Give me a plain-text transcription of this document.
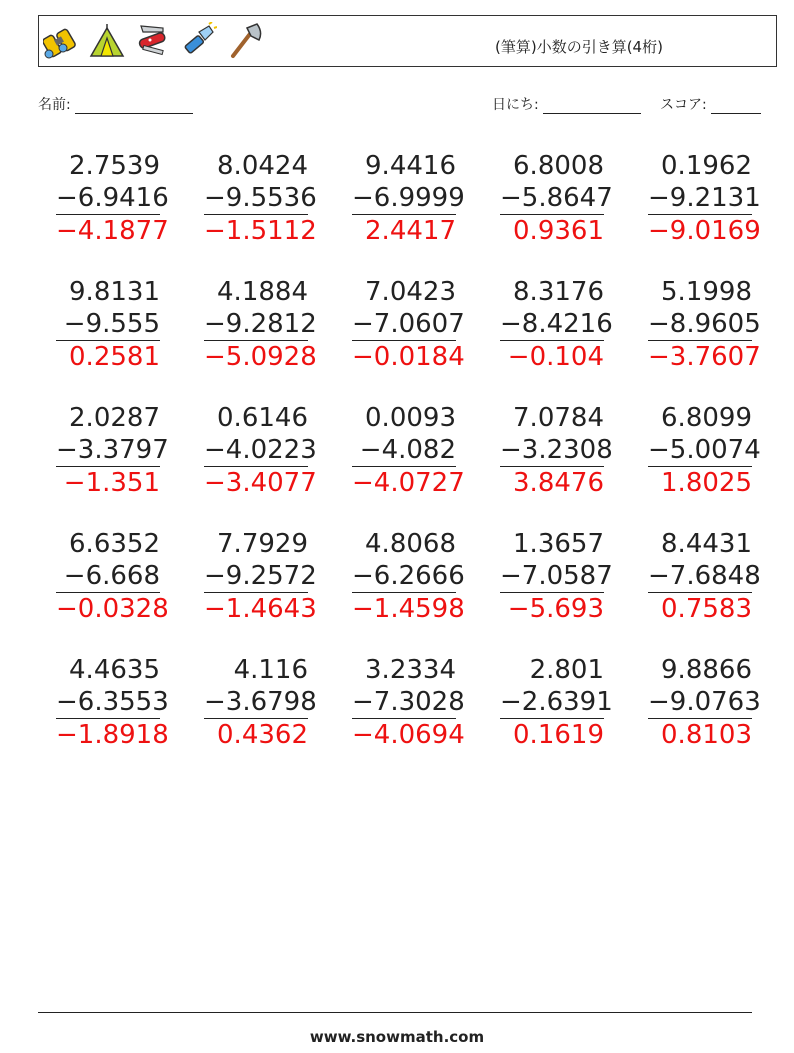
(筆算)小数の引き算(4桁)
名前:	日にち:	スコア:
2.7539
−6.9416
−4.1877
8.0424
−9.5536
−1.5112
9.4416
−6.9999
2.4417
6.8008
−5.8647
0.9361
0.1962
−9.2131
−9.0169
9.8131
−9.555
0.2581
4.1884
−9.2812
−5.0928
7.0423
−7.0607
−0.0184
8.3176
−8.4216
−0.104
5.1998
−8.9605
−3.7607
2.0287
−3.3797
−1.351
0.6146
−4.0223
−3.4077
0.0093
−4.082
−4.0727
7.0784
−3.2308
3.8476
6.8099
−5.0074
1.8025
6.6352
−6.668
−0.0328
7.7929
−9.2572
−1.4643
4.8068
−6.2666
−1.4598
1.3657
−7.0587
−5.693
8.4431
−7.6848
0.7583
4.4635
−6.3553
−1.8918
4.116
−3.6798
0.4362
3.2334
−7.3028
−4.0694
2.801
−2.6391
0.1619
9.8866
−9.0763
0.8103
www.snowmath.com
